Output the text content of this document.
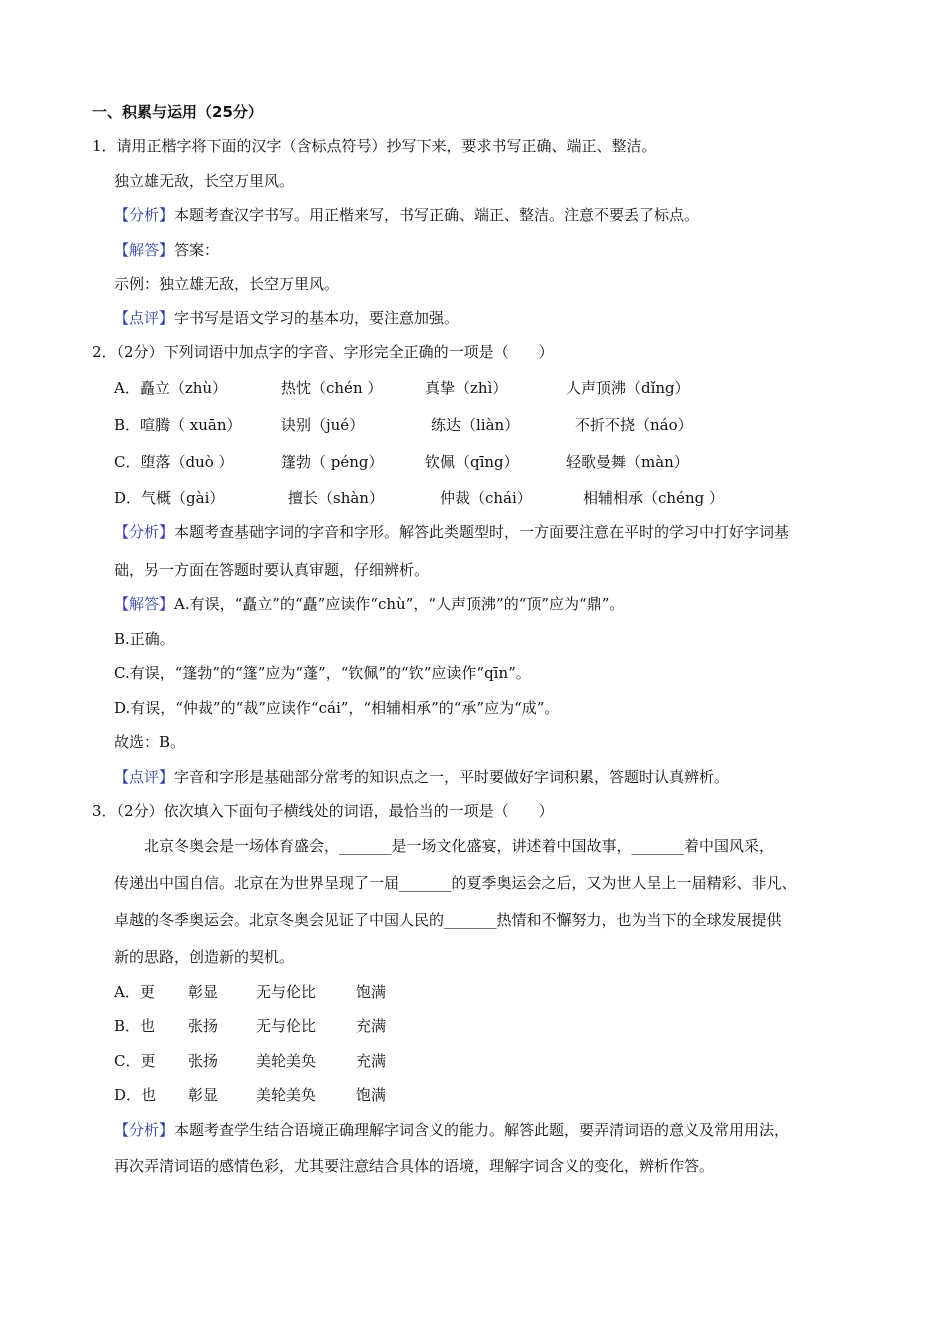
一、积累与运用（25分）
1．请用正楷字将下面的汉字（含标点符号）抄写下来，要求书写正确、端正、整洁。
独立雄无敌，长空万里风。
【分析】本题考查汉字书写。用正楷来写，书写正确、端正、整洁。注意不要丢了标点。
【解答】答案：
示例：独立雄无敌，长空万里风。
【点评】字书写是语文学习的基本功，要注意加强。
2．（2分）下列词语中加点字的字音、字形完全正确的一项是（　　）
A．矗立（zhù）	热忱（chén ）	真挚（zhì）	人声顶沸（dǐng）
B．喧腾（ xuān）	诀别（jué）	练达（liàn）	不折不挠（náo）
C．堕落（duò ）	篷勃（ péng）	钦佩（qīng）	轻歌曼舞（màn）
D．气概（gài）	擅长（shàn）	仲裁（chái）	相辅相承（chéng ）
【分析】本题考查基础字词的字音和字形。解答此类题型时，一方面要注意在平时的学习中打好字词基
础，另一方面在答题时要认真审题，仔细辨析。
【解答】A.有误，“矗立”的“矗”应读作“chù”，“人声顶沸”的“顶”应为“鼎”。
B.正确。
C.有误，“篷勃”的“篷”应为“蓬”，“钦佩”的“钦”应读作“qīn”。
D.有误，“仲裁”的“裁”应读作“cái”，“相辅相承”的“承”应为“成”。
故选：B。
【点评】字音和字形是基础部分常考的知识点之一，平时要做好字词积累，答题时认真辨析。
3．（2分）依次填入下面句子横线处的词语，最恰当的一项是（　　）
　　北京冬奥会是一场体育盛会，_______是一场文化盛宴，讲述着中国故事，_______着中国风采，
传递出中国自信。北京在为世界呈现了一届_______的夏季奥运会之后，又为世人呈上一届精彩、非凡、
卓越的冬季奥运会。北京冬奥会见证了中国人民的_______热情和不懈努力，也为当下的全球发展提供
新的思路，创造新的契机。
A．更 彰显	无与伦比	饱满
B．也 张扬	无与伦比	充满
C．更 张扬	美轮美奂	充满
D．也 彰显	美轮美奂	饱满
【分析】本题考查学生结合语境正确理解字词含义的能力。解答此题，要弄清词语的意义及常用用法，
再次弄清词语的感情色彩，尤其要注意结合具体的语境，理解字词含义的变化，辨析作答。
